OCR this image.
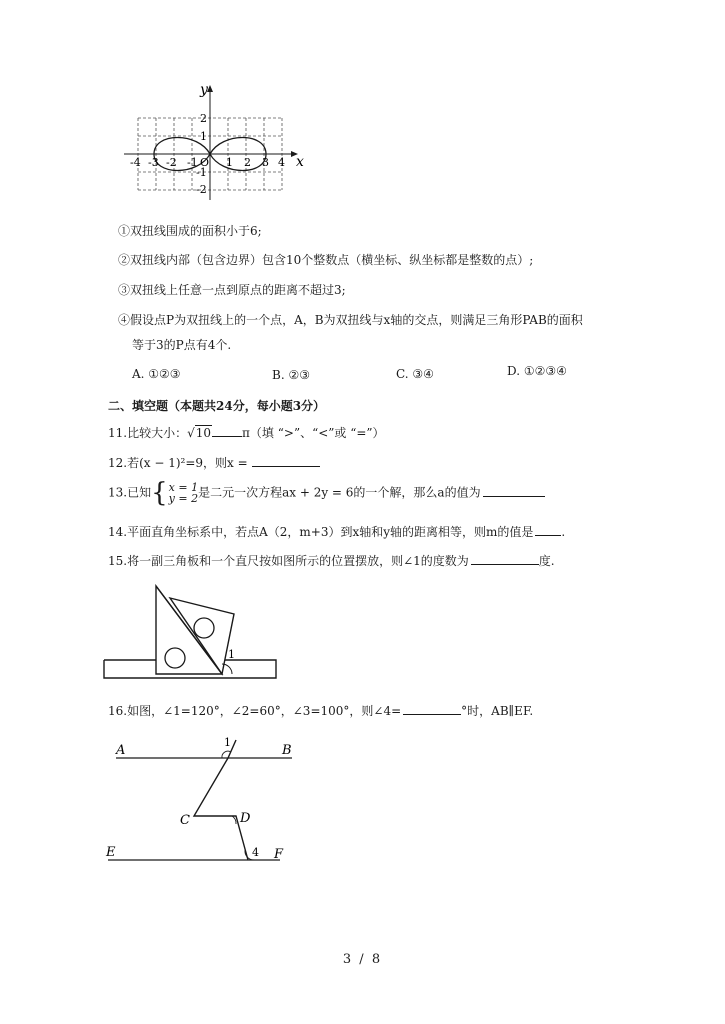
y
x
-4 -3 -2 -1 O 1 2 3 4
2
1
-1
-2
①双扭线围成的面积小于6;
②双扭线内部（包含边界）包含10个整数点（横坐标、纵坐标都是整数的点）;
③双扭线上任意一点到原点的距离不超过3;
④假设点P为双扭线上的一个点，A，B为双扭线与x轴的交点，则满足三角形PAB的面积
等于3的P点有4个.
A. ①②③	B. ②③	C. ③④	D. ①②③④
二、填空题（本题共24分，每小题3分）
11.比较大小：√10	π（填 “>”、“<”或 “=”）
12.若(x − 1)²=9，则x =
13.已知 { x = 1
y = 2 是二元一次方程ax + 2y = 6的一个解，那么a的值为
14.平面直角坐标系中，若点A（2，m+3）到x轴和y轴的距离相等，则m的值是 .
15.将一副三角板和一个直尺按如图所示的位置摆放，则∠1的度数为	度.
1
16.如图，∠1=120°，∠2=60°，∠3=100°，则∠4=	°时，AB∥EF.
A	B
C	D
E	F
1
4
3 / 8
